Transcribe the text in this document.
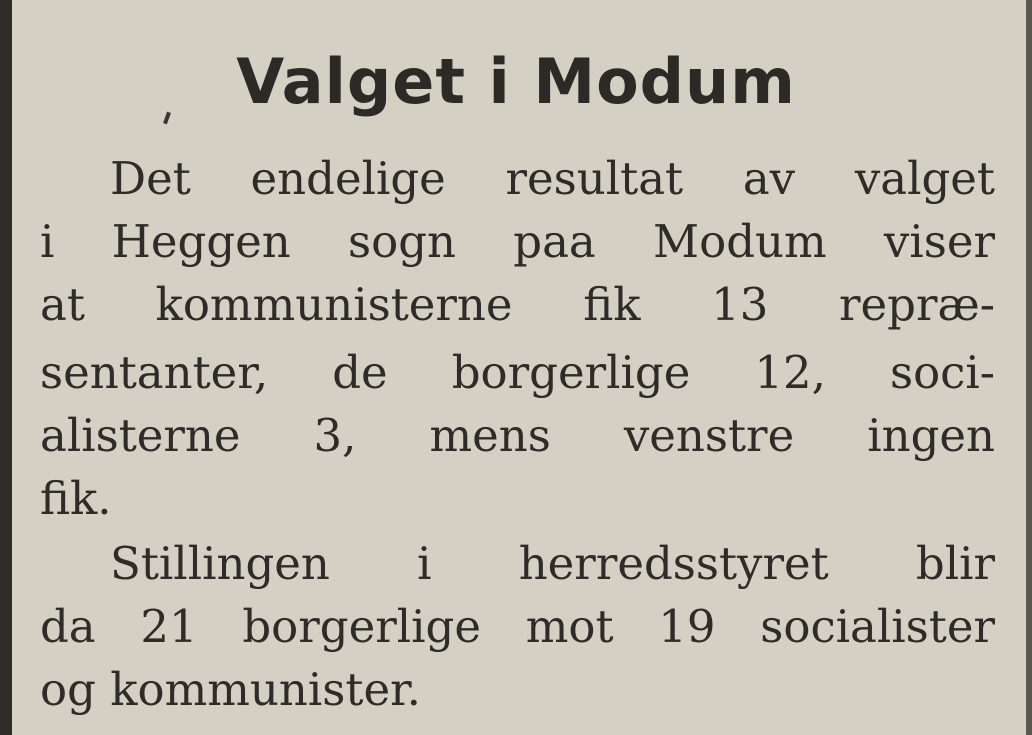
Valget i Modum
Det endelige resultat av valget
i Heggen sogn paa Modum viser
at kommunisterne fik 13 repræ-
sentanter, de borgerlige 12, soci-
alisterne 3, mens venstre ingen
fik.
Stillingen i herredsstyret blir
da 21 borgerlige mot 19 socialister
og kommunister.
